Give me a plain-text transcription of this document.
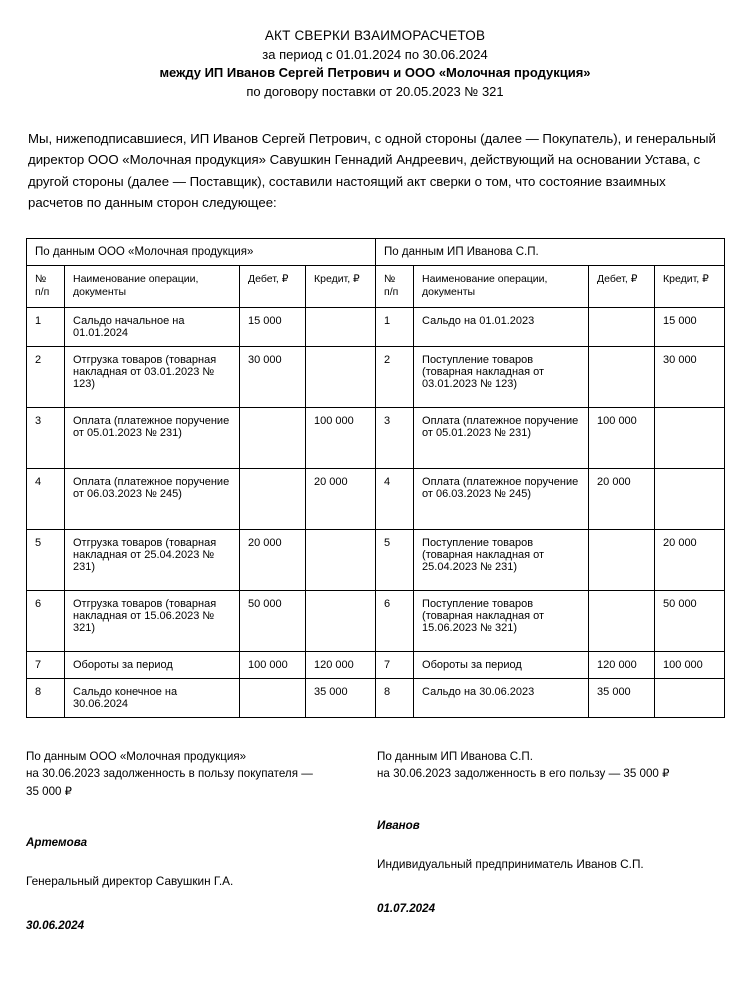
АКТ СВЕРКИ ВЗАИМОРАСЧЕТОВ
за период с 01.01.2024 по 30.06.2024
между ИП Иванов Сергей Петрович и ООО «Молочная продукция»
по договору поставки от 20.05.2023 № 321

Мы, нижеподписавшиеся, ИП Иванов Сергей Петрович, с одной стороны (далее — Покупатель), и генеральный директор ООО «Молочная продукция» Савушкин Геннадий Андреевич, действующий на основании Устава, с другой стороны (далее — Поставщик), составили настоящий акт сверки о том, что состояние взаимных расчетов по данным сторон следующее:

По данным ООО «Молочная продукция»				По данным ИП Иванова С.П.			
№ п/п	Наименование операции, документы	Дебет, ₽	Кредит, ₽	№ п/п	Наименование операции, документы	Дебет, ₽	Кредит, ₽
1	Сальдо начальное на 01.01.2024	15 000		1	Сальдо на 01.01.2023		15 000
2	Отгрузка товаров (товарная накладная от 03.01.2023 № 123)	30 000		2	Поступление товаров (товарная накладная от 03.01.2023 № 123)		30 000
3	Оплата (платежное поручение от 05.01.2023 № 231)		100 000	3	Оплата (платежное поручение от 05.01.2023 № 231)	100 000	
4	Оплата (платежное поручение от 06.03.2023 № 245)		20 000	4	Оплата (платежное поручение от 06.03.2023 № 245)	20 000	
5	Отгрузка товаров (товарная накладная от 25.04.2023 № 231)	20 000		5	Поступление товаров (товарная накладная от 25.04.2023 № 231)		20 000
6	Отгрузка товаров (товарная накладная от 15.06.2023 № 321)	50 000		6	Поступление товаров (товарная накладная от 15.06.2023 № 321)		50 000
7	Обороты за период	100 000	120 000	7	Обороты за период	120 000	100 000
8	Сальдо конечное на 30.06.2024		35 000	8	Сальдо на 30.06.2023	35 000	
По данным ООО «Молочная продукция»
на 30.06.2023 задолженность в пользу покупателя —
35 000 ₽
Артемова
Генеральный директор Савушкин Г.А.
30.06.2024
По данным ИП Иванова С.П.
на 30.06.2023 задолженность в его пользу — 35 000 ₽
Иванов
Индивидуальный предприниматель Иванов С.П.
01.07.2024
